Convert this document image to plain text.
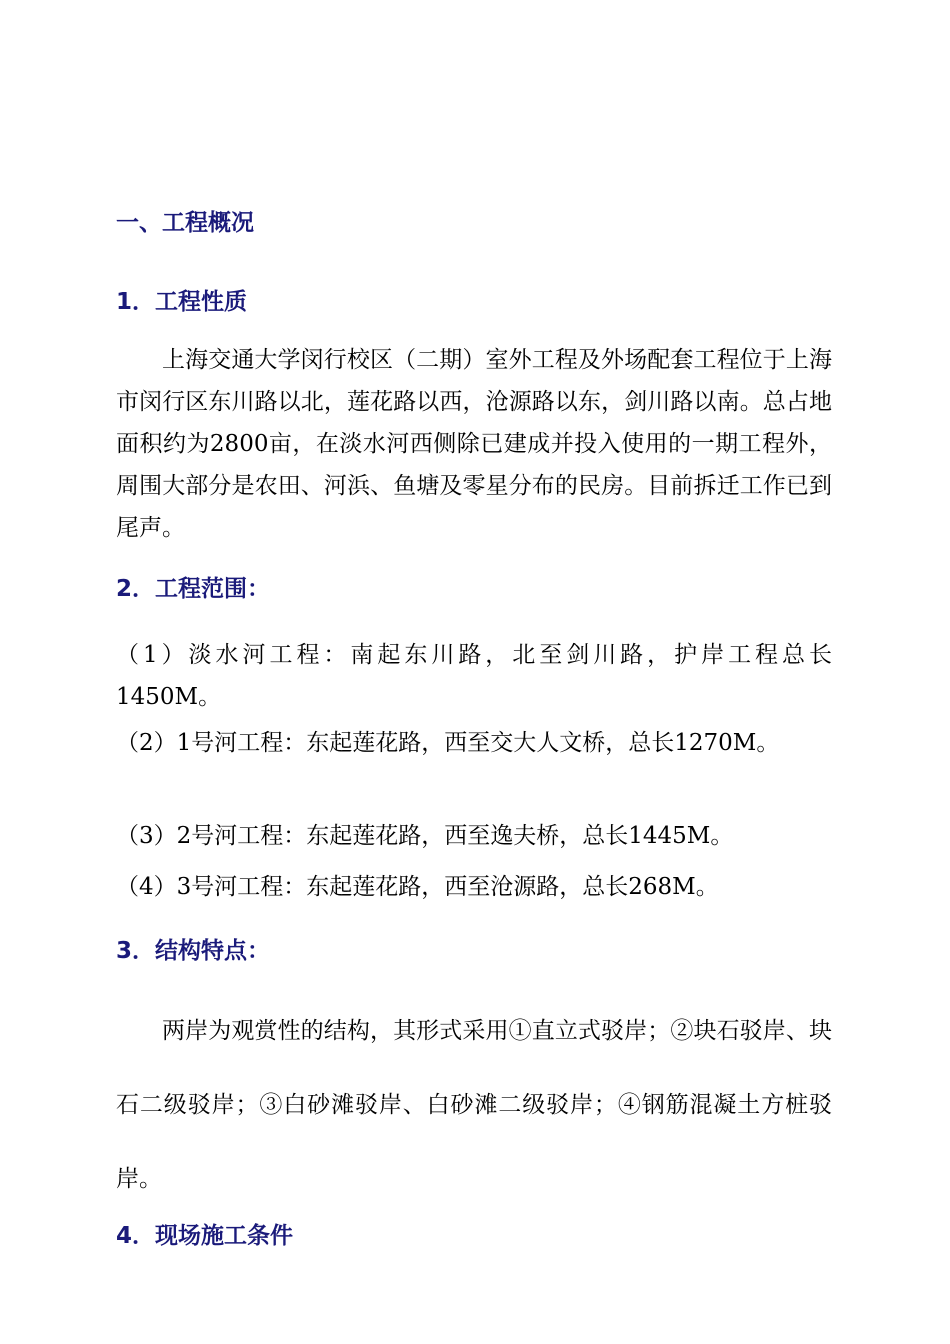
一、工程概况
1．工程性质
上海交通大学闵行校区（二期）室外工程及外场配套工程位于上海市闵行区东川路以北，莲花路以西，沧源路以东，剑川路以南。总占地面积约为2800亩，在淡水河西侧除已建成并投入使用的一期工程外，周围大部分是农田、河浜、鱼塘及零星分布的民房。目前拆迁工作已到尾声。
2．工程范围：
（1）淡水河工程：南起东川路，北至剑川路，护岸工程总长1450M。
（2）1号河工程：东起莲花路，西至交大人文桥，总长1270M。
（3）2号河工程：东起莲花路，西至逸夫桥，总长1445M。
（4）3号河工程：东起莲花路，西至沧源路，总长268M。
3．结构特点：
两岸为观赏性的结构，其形式采用①直立式驳岸；②块石驳岸、块石二级驳岸；③白砂滩驳岸、白砂滩二级驳岸；④钢筋混凝土方桩驳岸。
4．现场施工条件
